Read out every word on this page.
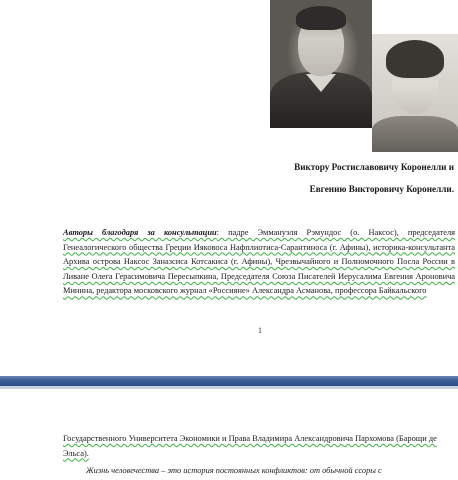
Виктору Ростиславовичу Коронелли и
Евгению Викторовичу Коронелли.

Авторы благодаря за консультации: падре Эммануэля Рэмундос (о. Наксос), председателя Генеалогического общества Греции Ияковоса Нафплиотиса-Сарантиноса (г. Афины), историка-консультанта Архива острова Наксос Заназсиса Котсакиса (г. Афины), Чрезвычайного и Полномочного Посла России в Ливане Олега Герасимовича Пересыпкина, Председателя Союза Писателей Иерусалима Евгения Ароновича Минина, редактора московского журнал «Россияне» Александра Асманова, профессора Байкальского

1

Государственного Университета Экономики и Права Владимира Александровича Пархомова (Барощи де Эльса).

Жизнь человечества – это история постоянных конфликтов: от обычной ссоры с
